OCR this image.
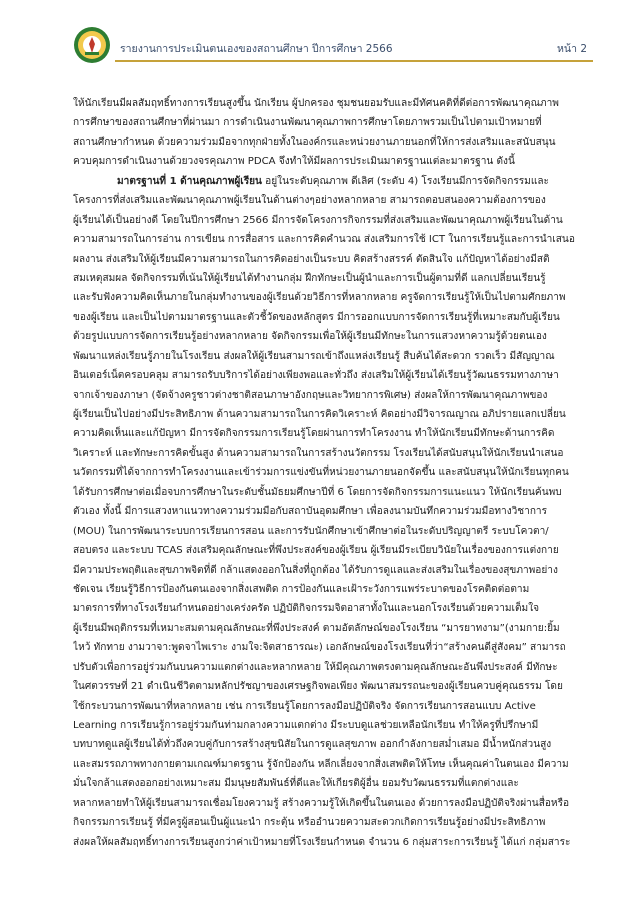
รายงานการประเมินตนเองของสถานศึกษา ปีการศึกษา 2566	หน้า 2
ให้นักเรียนมีผลสัมฤทธิ์ทางการเรียนสูงขึ้น นักเรียน ผู้ปกครอง ชุมชนยอมรับและมีทัศนคติที่ดีต่อการพัฒนาคุณภาพ
การศึกษาของสถานศึกษาที่ผ่านมา การดำเนินงานพัฒนาคุณภาพการศึกษาโดยภาพรวมเป็นไปตามเป้าหมายที่
สถานศึกษากำหนด ด้วยความร่วมมือจากทุกฝ่ายทั้งในองค์กรและหน่วยงานภายนอกที่ให้การส่งเสริมและสนับสนุน
ควบคุมการดำเนินงานด้วยวงจรคุณภาพ PDCA จึงทำให้มีผลการประเมินมาตรฐานแต่ละมาตรฐาน ดังนี้
มาตรฐานที่ 1 ด้านคุณภาพผู้เรียน อยู่ในระดับคุณภาพ ดีเลิศ (ระดับ 4) โรงเรียนมีการจัดกิจกรรมและ
โครงการที่ส่งเสริมและพัฒนาคุณภาพผู้เรียนในด้านต่างๆอย่างหลากหลาย สามารถตอบสนองความต้องการของ
ผู้เรียนได้เป็นอย่างดี โดยในปีการศึกษา 2566 มีการจัดโครงการกิจกรรมที่ส่งเสริมและพัฒนาคุณภาพผู้เรียนในด้าน
ความสามารถในการอ่าน การเขียน การสื่อสาร และการคิดคำนวณ ส่งเสริมการใช้ ICT ในการเรียนรู้และการนำเสนอ
ผลงาน ส่งเสริมให้ผู้เรียนมีความสามารถในการคิดอย่างเป็นระบบ คิดสร้างสรรค์ ตัดสินใจ แก้ปัญหาได้อย่างมีสติ
สมเหตุสมผล จัดกิจกรรมที่เน้นให้ผู้เรียนได้ทำงานกลุ่ม ฝึกทักษะเป็นผู้นำและการเป็นผู้ตามที่ดี แลกเปลี่ยนเรียนรู้
และรับฟังความคิดเห็นภายในกลุ่มทำงานของผู้เรียนด้วยวิธีการที่หลากหลาย ครูจัดการเรียนรู้ให้เป็นไปตามศักยภาพ
ของผู้เรียน และเป็นไปตามมาตรฐานและตัวชี้วัดของหลักสูตร มีการออกแบบการจัดการเรียนรู้ที่เหมาะสมกับผู้เรียน
ด้วยรูปแบบการจัดการเรียนรู้อย่างหลากหลาย จัดกิจกรรมเพื่อให้ผู้เรียนมีทักษะในการแสวงหาความรู้ด้วยตนเอง
พัฒนาแหล่งเรียนรู้ภายในโรงเรียน ส่งผลให้ผู้เรียนสามารถเข้าถึงแหล่งเรียนรู้ สืบค้นได้สะดวก รวดเร็ว มีสัญญาณ
อินเตอร์เน็ตครอบคลุม สามารถรับบริการได้อย่างเพียงพอและทั่วถึง ส่งเสริมให้ผู้เรียนได้เรียนรู้วัฒนธรรมทางภาษา
จากเจ้าของภาษา (จัดจ้างครูชาวต่างชาติสอนภาษาอังกฤษและวิทยาการพิเศษ) ส่งผลให้การพัฒนาคุณภาพของ
ผู้เรียนเป็นไปอย่างมีประสิทธิภาพ ด้านความสามารถในการคิดวิเคราะห์ คิดอย่างมีวิจารณญาณ อภิปรายแลกเปลี่ยน
ความคิดเห็นและแก้ปัญหา มีการจัดกิจกรรมการเรียนรู้โดยผ่านการทำโครงงาน ทำให้นักเรียนมีทักษะด้านการคิด
วิเคราะห์ และทักษะการคิดขั้นสูง ด้านความสามารถในการสร้างนวัตกรรม โรงเรียนได้สนับสนุนให้นักเรียนนำเสนอ
นวัตกรรมที่ได้จากการทำโครงงานและเข้าร่วมการแข่งขันที่หน่วยงานภายนอกจัดขึ้น และสนับสนุนให้นักเรียนทุกคน
ได้รับการศึกษาต่อเมื่อจบการศึกษาในระดับชั้นมัธยมศึกษาปีที่ 6 โดยการจัดกิจกรรมการแนะแนว ให้นักเรียนค้นพบ
ตัวเอง ทั้งนี้ มีการแสวงหาแนวทางความร่วมมือกับสถาบันอุดมศึกษา เพื่อลงนามบันทึกความร่วมมือทางวิชาการ
(MOU) ในการพัฒนาระบบการเรียนการสอน และการรับนักศึกษาเข้าศึกษาต่อในระดับปริญญาตรี ระบบโควตา/
สอบตรง และระบบ TCAS ส่งเสริมคุณลักษณะที่พึงประสงค์ของผู้เรียน ผู้เรียนมีระเบียบวินัยในเรื่องของการแต่งกาย
มีความประพฤติและสุขภาพจิตที่ดี กล้าแสดงออกในสิ่งที่ถูกต้อง ได้รับการดูแลและส่งเสริมในเรื่องของสุขภาพอย่าง
ชัดเจน เรียนรู้วิธีการป้องกันตนเองจากสิ่งเสพติด การป้องกันและเฝ้าระวังการแพร่ระบาดของโรคติดต่อตาม
มาตรการที่ทางโรงเรียนกำหนดอย่างเคร่งครัด ปฏิบัติกิจกรรมจิตอาสาทั้งในและนอกโรงเรียนด้วยความเต็มใจ
ผู้เรียนมีพฤติกรรมที่เหมาะสมตามคุณลักษณะที่พึงประสงค์ ตามอัตลักษณ์ของโรงเรียน “มารยาทงาม”(งามกาย:ยิ้ม
ไหว้ ทักทาย งามวาจา:พูดจาไพเราะ งามใจ:จิตสาธารณะ) เอกลักษณ์ของโรงเรียนที่ว่า“สร้างคนดีสู่สังคม” สามารถ
ปรับตัวเพื่อการอยู่ร่วมกันบนความแตกต่างและหลากหลาย ให้มีคุณภาพตรงตามคุณลักษณะอันพึงประสงค์ มีทักษะ
ในศตวรรษที่ 21 ดำเนินชีวิตตามหลักปรัชญาของเศรษฐกิจพอเพียง พัฒนาสมรรถนะของผู้เรียนควบคู่คุณธรรม โดย
ใช้กระบวนการพัฒนาที่หลากหลาย เช่น การเรียนรู้โดยการลงมือปฏิบัติจริง จัดการเรียนการสอนแบบ Active
Learning การเรียนรู้การอยู่ร่วมกันท่ามกลางความแตกต่าง มีระบบดูแลช่วยเหลือนักเรียน ทำให้ครูที่ปรึกษามี
บทบาทดูแลผู้เรียนได้ทั่วถึงควบคู่กับการสร้างสุขนิสัยในการดูแลสุขภาพ ออกกำลังกายสม่ำเสมอ มีน้ำหนักส่วนสูง
และสมรรถภาพทางกายตามเกณฑ์มาตรฐาน รู้จักป้องกัน หลีกเลี่ยงจากสิ่งเสพติดให้โทษ เห็นคุณค่าในตนเอง มีความ
มั่นใจกล้าแสดงออกอย่างเหมาะสม มีมนุษยสัมพันธ์ที่ดีและให้เกียรติผู้อื่น ยอมรับวัฒนธรรมที่แตกต่างและ
หลากหลายทำให้ผู้เรียนสามารถเชื่อมโยงความรู้ สร้างความรู้ให้เกิดขึ้นในตนเอง ด้วยการลงมือปฏิบัติจริงผ่านสื่อหรือ
กิจกรรมการเรียนรู้ ที่มีครูผู้สอนเป็นผู้แนะนำ กระตุ้น หรืออำนวยความสะดวกเกิดการเรียนรู้อย่างมีประสิทธิภาพ
ส่งผลให้ผลสัมฤทธิ์ทางการเรียนสูงกว่าค่าเป้าหมายที่โรงเรียนกำหนด จำนวน 6 กลุ่มสาระการเรียนรู้ ได้แก่ กลุ่มสาระ
